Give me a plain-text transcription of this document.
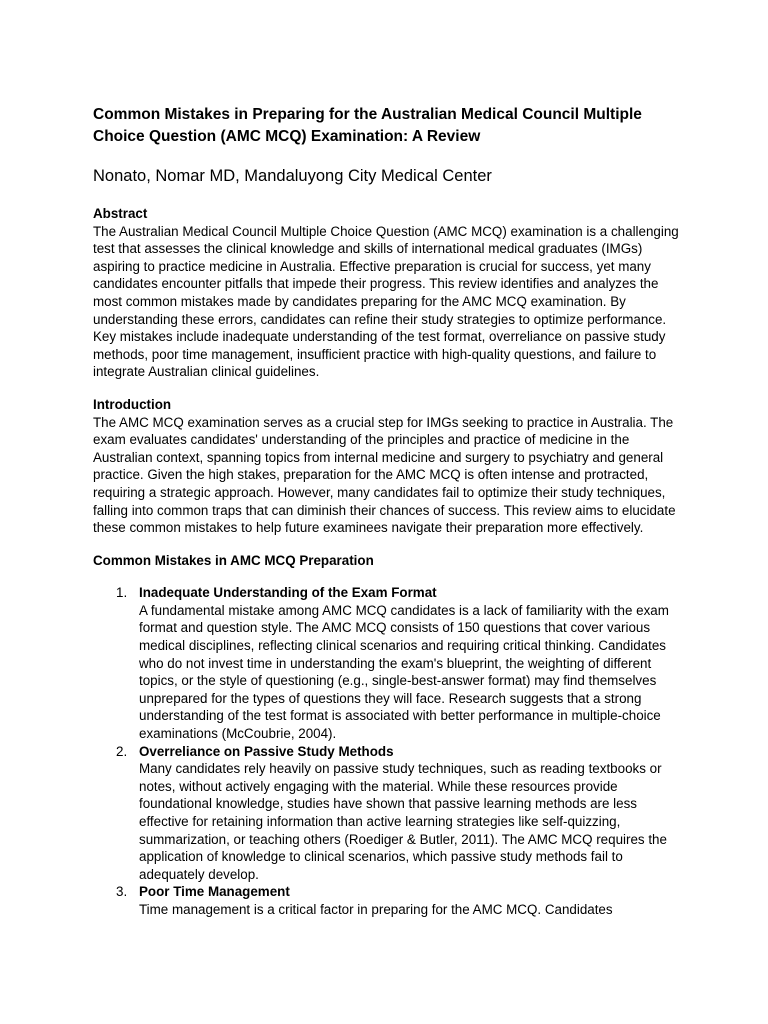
Common Mistakes in Preparing for the Australian Medical Council Multiple Choice Question (AMC MCQ) Examination: A Review

Nonato, Nomar MD, Mandaluyong City Medical Center

Abstract

The Australian Medical Council Multiple Choice Question (AMC MCQ) examination is a challenging test that assesses the clinical knowledge and skills of international medical graduates (IMGs) aspiring to practice medicine in Australia. Effective preparation is crucial for success, yet many candidates encounter pitfalls that impede their progress. This review identifies and analyzes the most common mistakes made by candidates preparing for the AMC MCQ examination. By understanding these errors, candidates can refine their study strategies to optimize performance. Key mistakes include inadequate understanding of the test format, overreliance on passive study methods, poor time management, insufficient practice with high-quality questions, and failure to integrate Australian clinical guidelines.

Introduction

The AMC MCQ examination serves as a crucial step for IMGs seeking to practice in Australia. The exam evaluates candidates' understanding of the principles and practice of medicine in the Australian context, spanning topics from internal medicine and surgery to psychiatry and general practice. Given the high stakes, preparation for the AMC MCQ is often intense and protracted, requiring a strategic approach. However, many candidates fail to optimize their study techniques, falling into common traps that can diminish their chances of success. This review aims to elucidate these common mistakes to help future examinees navigate their preparation more effectively.

Common Mistakes in AMC MCQ Preparation
1. Inadequate Understanding of the Exam Format

A fundamental mistake among AMC MCQ candidates is a lack of familiarity with the exam format and question style. The AMC MCQ consists of 150 questions that cover various medical disciplines, reflecting clinical scenarios and requiring critical thinking. Candidates who do not invest time in understanding the exam's blueprint, the weighting of different topics, or the style of questioning (e.g., single-best-answer format) may find themselves unprepared for the types of questions they will face. Research suggests that a strong understanding of the test format is associated with better performance in multiple-choice examinations (McCoubrie, 2004).

2. Overreliance on Passive Study Methods

Many candidates rely heavily on passive study techniques, such as reading textbooks or notes, without actively engaging with the material. While these resources provide foundational knowledge, studies have shown that passive learning methods are less effective for retaining information than active learning strategies like self-quizzing, summarization, or teaching others (Roediger & Butler, 2011). The AMC MCQ requires the application of knowledge to clinical scenarios, which passive study methods fail to adequately develop.

3. Poor Time Management

Time management is a critical factor in preparing for the AMC MCQ. Candidates
